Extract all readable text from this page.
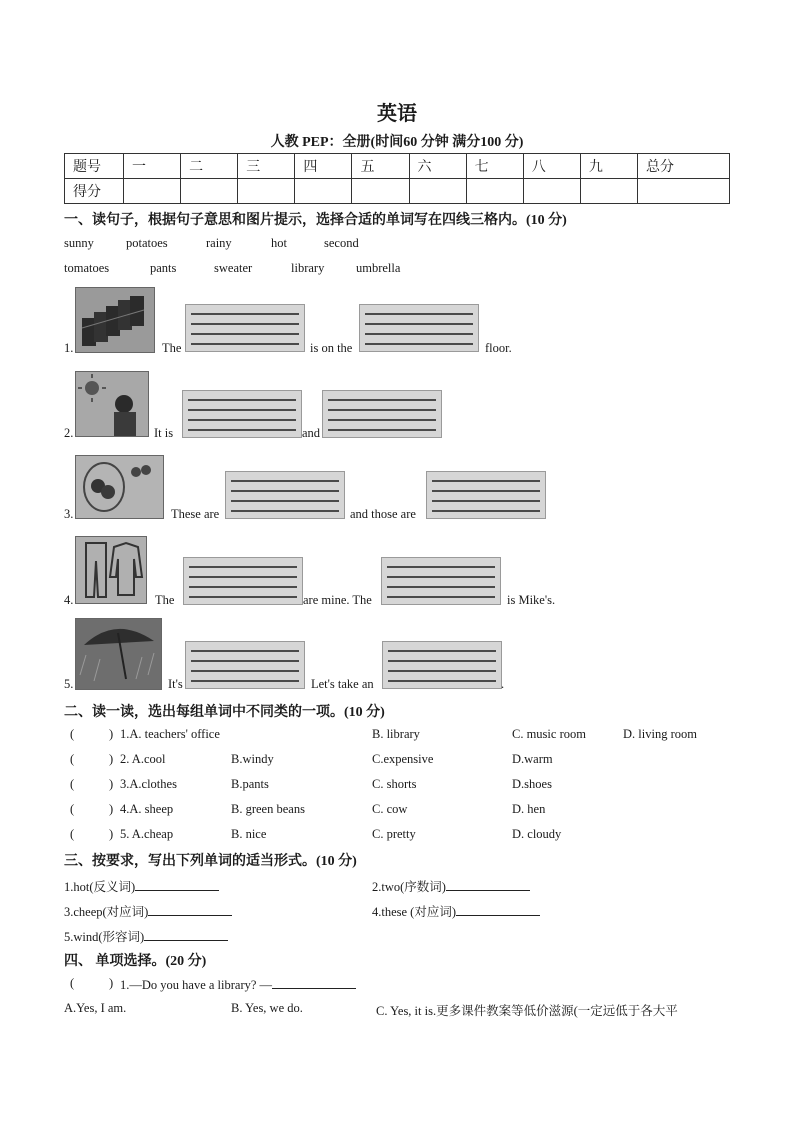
英语
人教 PEP：全册(时间60 分钟 满分100 分)
题号	一	二	三	四	五	六	七	八	九	总分
得分										
一、读句子，根据句子意思和图片提示，选择合适的单词写在四线三格内。(10 分)
sunny	potatoes	rainy	hot	second
tomatoes	pants	sweater	library	umbrella
1.	The	is on the	floor.
2.	It is	and
3.	These are	and those are
4.	The	are mine. The	is Mike's.
5.	It's	Let's take an	.
二、读一读，选出每组单词中不同类的一项。(10 分)
(	) 1.A. teachers' office	B. library	C. music room	D. living room
(	) 2. A.cool	B.windy	C.expensive	D.warm
(	) 3.A.clothes	B.pants	C. shorts	D.shoes
(	) 4.A. sheep	B. green beans	C. cow	D. hen
(	) 5. A.cheap	B. nice	C. pretty	D. cloudy
三、按要求，写出下列单词的适当形式。(10 分)
1.hot(反义词)	2.two(序数词)
3.cheep(对应词)	4.these (对应词)
5.wind(形容词)
四、 单项选择。(20 分)
(	) 1.—Do you have a library? —
A.Yes, I am.	B. Yes, we do.	C. Yes, it is.更多课件教案等低价滋源(一定远低于各大平
